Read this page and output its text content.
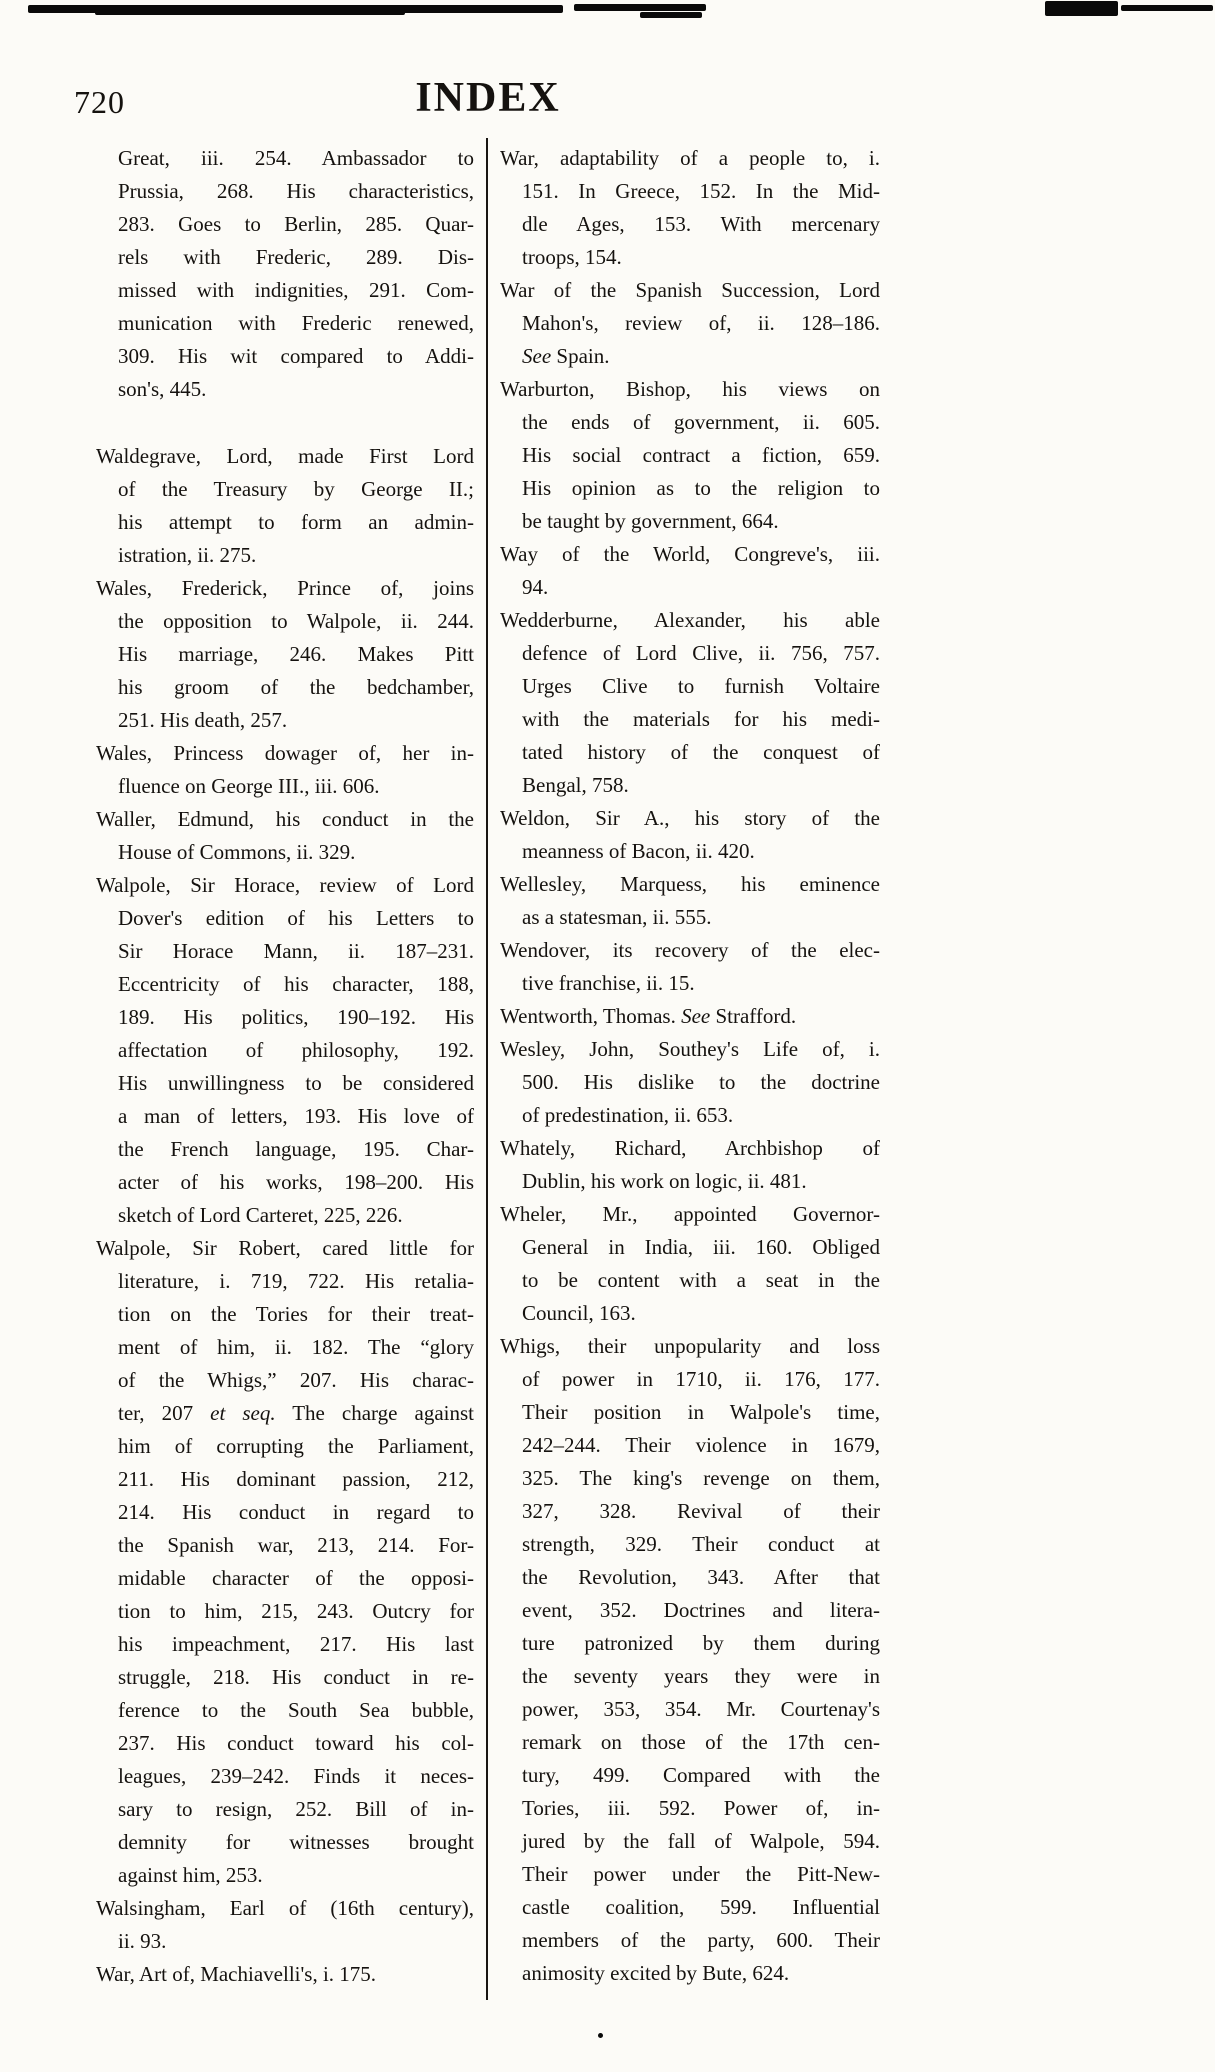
720	INDEX
Great, iii. 254. Ambassador to
Prussia, 268. His characteristics,
283. Goes to Berlin, 285. Quar-
rels with Frederic, 289. Dis-
missed with indignities, 291. Com-
munication with Frederic renewed,
309. His wit compared to Addi-
son's, 445.
Waldegrave, Lord, made First Lord
of the Treasury by George II.;
his attempt to form an admin-
istration, ii. 275.
Wales, Frederick, Prince of, joins
the opposition to Walpole, ii. 244.
His marriage, 246. Makes Pitt
his groom of the bedchamber,
251. His death, 257.
Wales, Princess dowager of, her in-
fluence on George III., iii. 606.
Waller, Edmund, his conduct in the
House of Commons, ii. 329.
Walpole, Sir Horace, review of Lord
Dover's edition of his Letters to
Sir Horace Mann, ii. 187–231.
Eccentricity of his character, 188,
189. His politics, 190–192. His
affectation of philosophy, 192.
His unwillingness to be considered
a man of letters, 193. His love of
the French language, 195. Char-
acter of his works, 198–200. His
sketch of Lord Carteret, 225, 226.
Walpole, Sir Robert, cared little for
literature, i. 719, 722. His retalia-
tion on the Tories for their treat-
ment of him, ii. 182. The “glory
of the Whigs,” 207. His charac-
ter, 207 et seq. The charge against
him of corrupting the Parliament,
211. His dominant passion, 212,
214. His conduct in regard to
the Spanish war, 213, 214. For-
midable character of the opposi-
tion to him, 215, 243. Outcry for
his impeachment, 217. His last
struggle, 218. His conduct in re-
ference to the South Sea bubble,
237. His conduct toward his col-
leagues, 239–242. Finds it neces-
sary to resign, 252. Bill of in-
demnity for witnesses brought
against him, 253.
Walsingham, Earl of (16th century),
ii. 93.
War, Art of, Machiavelli's, i. 175.
War, adaptability of a people to, i.
151. In Greece, 152. In the Mid-
dle Ages, 153. With mercenary
troops, 154.
War of the Spanish Succession, Lord
Mahon's, review of, ii. 128–186.
See Spain.
Warburton, Bishop, his views on
the ends of government, ii. 605.
His social contract a fiction, 659.
His opinion as to the religion to
be taught by government, 664.
Way of the World, Congreve's, iii.
94.
Wedderburne, Alexander, his able
defence of Lord Clive, ii. 756, 757.
Urges Clive to furnish Voltaire
with the materials for his medi-
tated history of the conquest of
Bengal, 758.
Weldon, Sir A., his story of the
meanness of Bacon, ii. 420.
Wellesley, Marquess, his eminence
as a statesman, ii. 555.
Wendover, its recovery of the elec-
tive franchise, ii. 15.
Wentworth, Thomas. See Strafford.
Wesley, John, Southey's Life of, i.
500. His dislike to the doctrine
of predestination, ii. 653.
Whately, Richard, Archbishop of
Dublin, his work on logic, ii. 481.
Wheler, Mr., appointed Governor-
General in India, iii. 160. Obliged
to be content with a seat in the
Council, 163.
Whigs, their unpopularity and loss
of power in 1710, ii. 176, 177.
Their position in Walpole's time,
242–244. Their violence in 1679,
325. The king's revenge on them,
327, 328. Revival of their
strength, 329. Their conduct at
the Revolution, 343. After that
event, 352. Doctrines and litera-
ture patronized by them during
the seventy years they were in
power, 353, 354. Mr. Courtenay's
remark on those of the 17th cen-
tury, 499. Compared with the
Tories, iii. 592. Power of, in-
jured by the fall of Walpole, 594.
Their power under the Pitt-New-
castle coalition, 599. Influential
members of the party, 600. Their
animosity excited by Bute, 624.
